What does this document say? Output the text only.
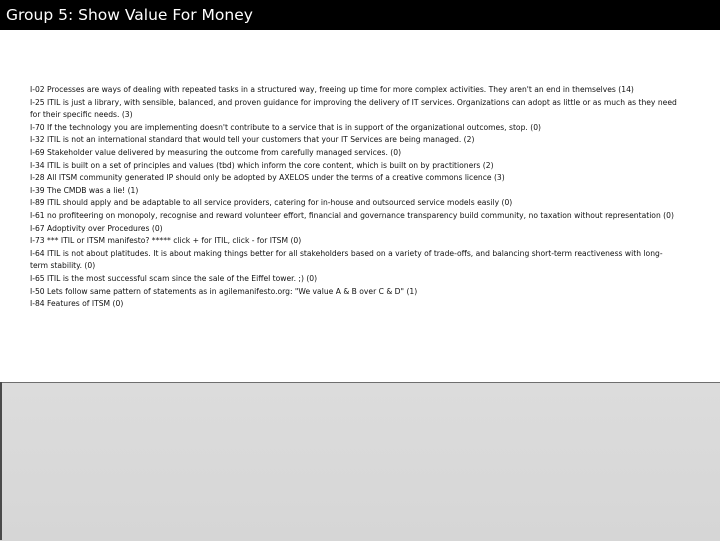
Group 5: Show Value For Money
I-02 Processes are ways of dealing with repeated tasks in a structured way, freeing up time for more complex activities. They aren't an end in themselves (14)
I-25 ITIL is just a library, with sensible, balanced, and proven guidance for improving the delivery of IT services. Organizations can adopt as little or as much as they need for their specific needs. (3)
I-70 If the technology you are implementing doesn't contribute to a service that is in support of the organizational outcomes, stop. (0)
I-32 ITIL is not an international standard that would tell your customers that your IT Services are being managed. (2)
I-69 Stakeholder value delivered by measuring the outcome from carefully managed services. (0)
I-34 ITIL is built on a set of principles and values (tbd) which inform the core content, which is built on by practitioners (2)
I-28 All ITSM community generated IP should only be adopted by AXELOS under the terms of a creative commons licence (3)
I-39 The CMDB was a lie! (1)
I-89 ITIL should apply and be adaptable to all service providers, catering for in-house and outsourced service models easily (0)
I-61 no profiteering on monopoly, recognise and reward volunteer effort, financial and governance transparency build community, no taxation without representation (0)
I-67 Adoptivity over Procedures (0)
I-73 *** ITIL or ITSM manifesto? ***** click + for ITIL, click - for ITSM (0)
I-64 ITIL is not about platitudes. It is about making things better for all stakeholders based on a variety of trade-offs, and balancing short-term reactiveness with long-term stability. (0)
I-65 ITIL is the most successful scam since the sale of the Eiffel tower. ;) (0)
I-50 Lets follow same pattern of statements as in agilemanifesto.org: "We value A & B over C & D" (1)
I-84 Features of ITSM (0)
